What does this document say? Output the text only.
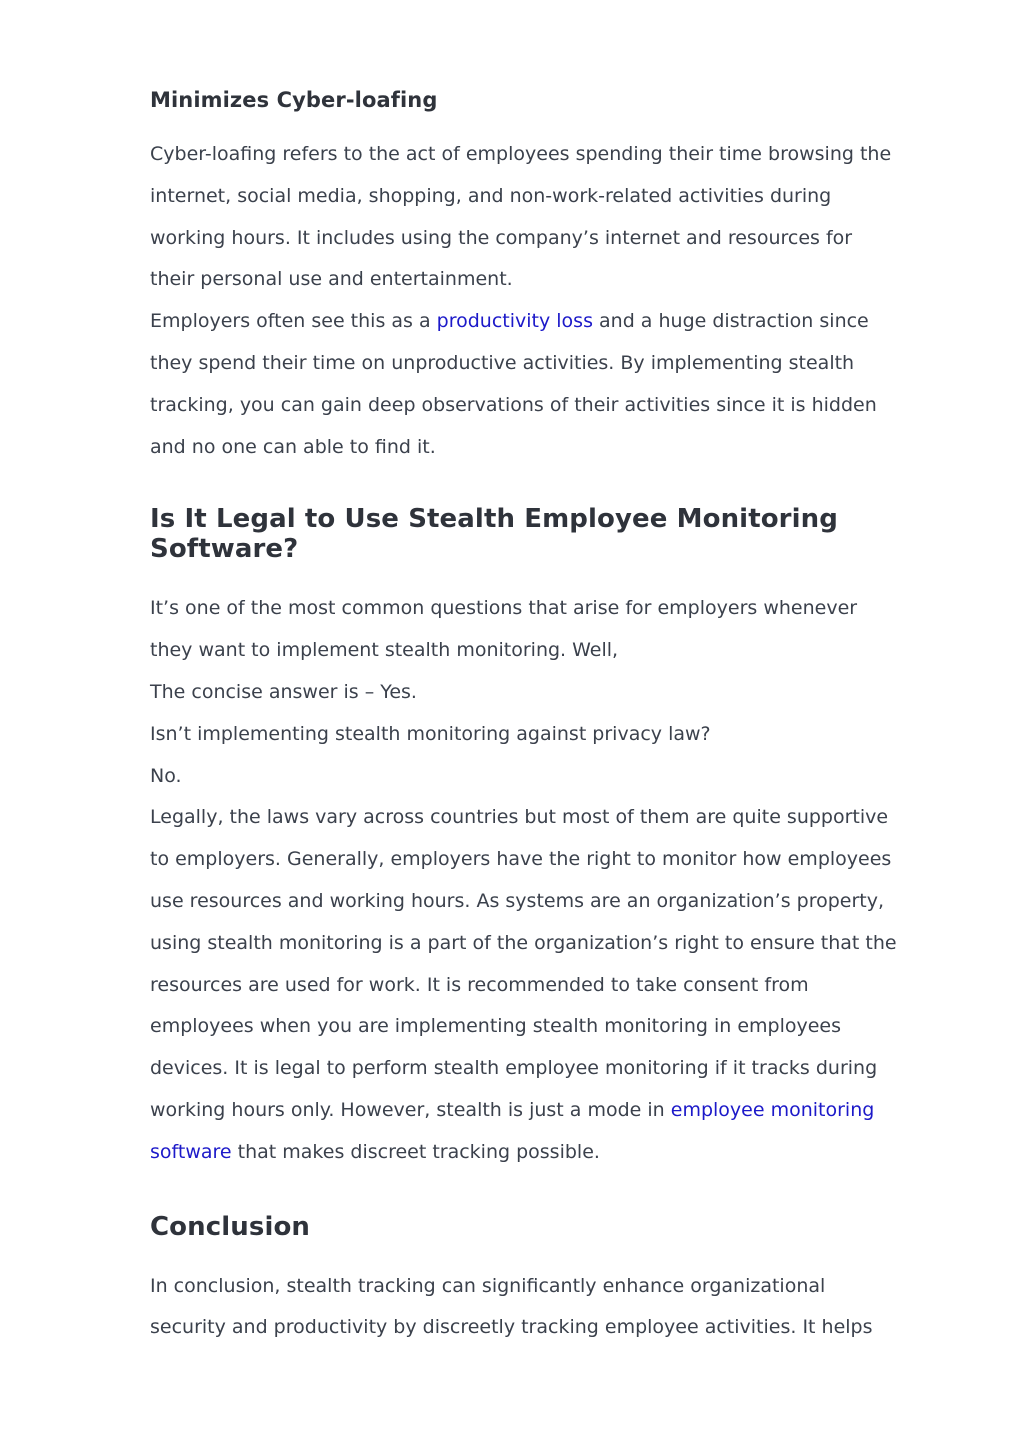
Minimizes Cyber-loafing

Cyber-loafing refers to the act of employees spending their time browsing the internet, social media, shopping, and non-work-related activities during working hours. It includes using the company’s internet and resources for their personal use and entertainment.

Employers often see this as a productivity loss and a huge distraction since they spend their time on unproductive activities. By implementing stealth tracking, you can gain deep observations of their activities since it is hidden and no one can able to find it.

Is It Legal to Use Stealth Employee Monitoring Software?

It’s one of the most common questions that arise for employers whenever they want to implement stealth monitoring. Well,

The concise answer is – Yes.

Isn’t implementing stealth monitoring against privacy law?

No.

Legally, the laws vary across countries but most of them are quite supportive to employers. Generally, employers have the right to monitor how employees use resources and working hours. As systems are an organization’s property, using stealth monitoring is a part of the organization’s right to ensure that the resources are used for work. It is recommended to take consent from employees when you are implementing stealth monitoring in employees devices. It is legal to perform stealth employee monitoring if it tracks during working hours only. However, stealth is just a mode in employee monitoring software that makes discreet tracking possible.

Conclusion

In conclusion, stealth tracking can significantly enhance organizational security and productivity by discreetly tracking employee activities. It helps
